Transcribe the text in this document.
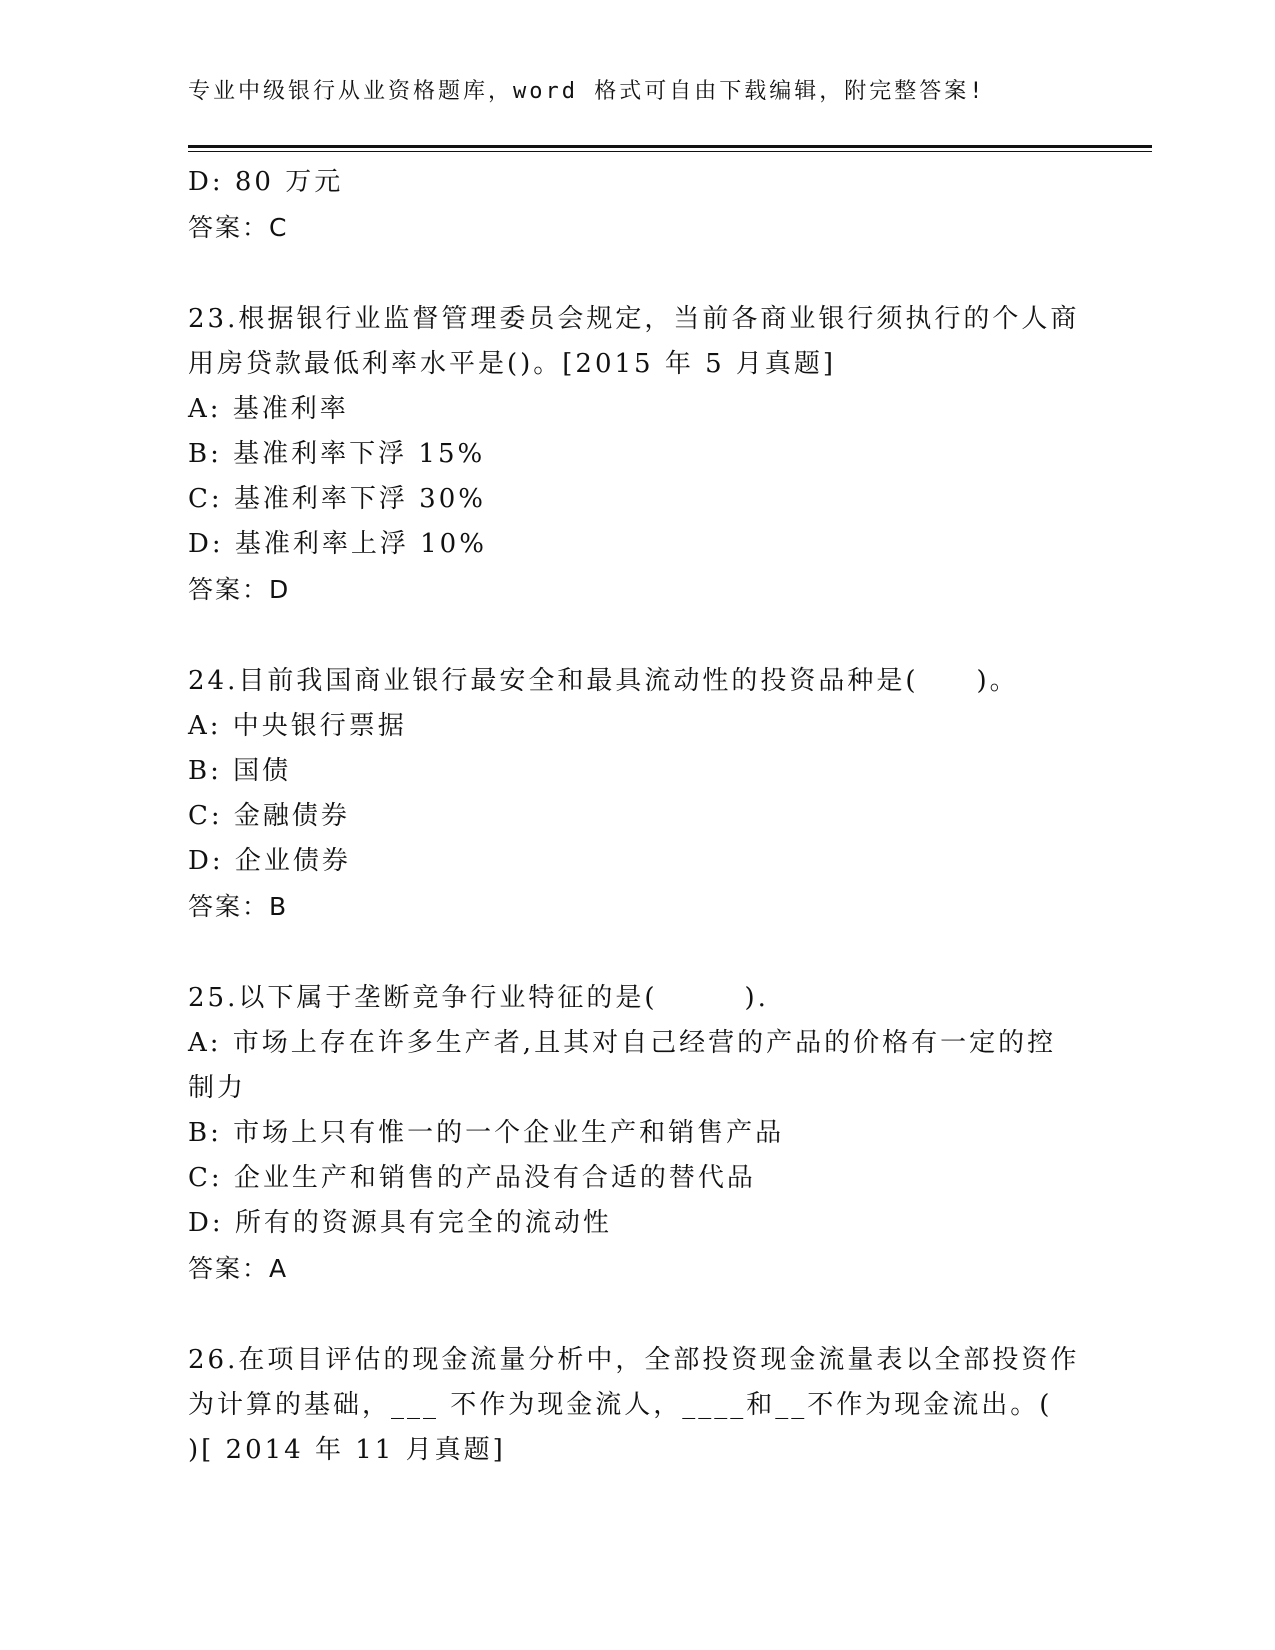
专业中级银行从业资格题库，word 格式可自由下载编辑，附完整答案!
D: 80 万元
答案：C
23.根据银行业监督管理委员会规定，当前各商业银行须执行的个人商
用房贷款最低利率水平是()。[2015 年 5 月真题]
A: 基准利率
B: 基准利率下浮 15%
C: 基准利率下浮 30%
D: 基准利率上浮 10%
答案：D
24.目前我国商业银行最安全和最具流动性的投资品种是(　　)。
A: 中央银行票据
B: 国债
C: 金融债券
D: 企业债券
答案：B
25.以下属于垄断竞争行业特征的是(　　　).
A: 市场上存在许多生产者,且其对自己经营的产品的价格有一定的控
制力
B: 市场上只有惟一的一个企业生产和销售产品
C: 企业生产和销售的产品没有合适的替代品
D: 所有的资源具有完全的流动性
答案：A
26.在项目评估的现金流量分析中，全部投资现金流量表以全部投资作
为计算的基础，___ 不作为现金流人，____和__不作为现金流出。(
)[ 2014 年 11 月真题]
